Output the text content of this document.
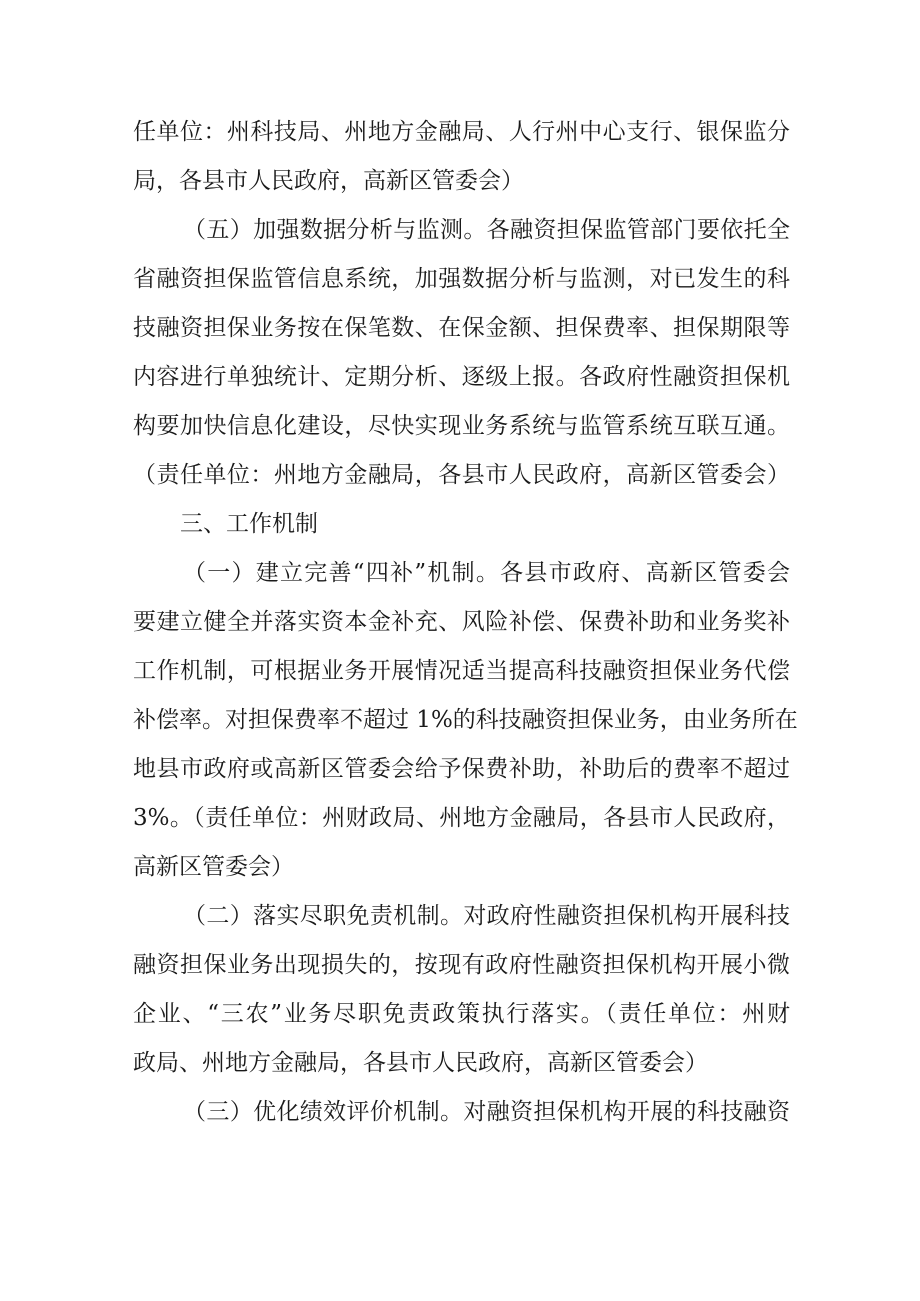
任单位：州科技局、州地方金融局、人行州中心支行、银保监分
局，各县市人民政府，高新区管委会）
（五）加强数据分析与监测。各融资担保监管部门要依托全
省融资担保监管信息系统，加强数据分析与监测，对已发生的科
技融资担保业务按在保笔数、在保金额、担保费率、担保期限等
内容进行单独统计、定期分析、逐级上报。各政府性融资担保机
构要加快信息化建设，尽快实现业务系统与监管系统互联互通。
（责任单位：州地方金融局，各县市人民政府，高新区管委会）
三、工作机制
（一）建立完善“四补”机制。各县市政府、高新区管委会
要建立健全并落实资本金补充、风险补偿、保费补助和业务奖补
工作机制，可根据业务开展情况适当提高科技融资担保业务代偿
补偿率。对担保费率不超过 1%的科技融资担保业务，由业务所在
地县市政府或高新区管委会给予保费补助，补助后的费率不超过
3%。（责任单位：州财政局、州地方金融局，各县市人民政府，
高新区管委会）
（二）落实尽职免责机制。对政府性融资担保机构开展科技
融资担保业务出现损失的，按现有政府性融资担保机构开展小微
企业、“三农”业务尽职免责政策执行落实。（责任单位：州财
政局、州地方金融局，各县市人民政府，高新区管委会）
（三）优化绩效评价机制。对融资担保机构开展的科技融资
